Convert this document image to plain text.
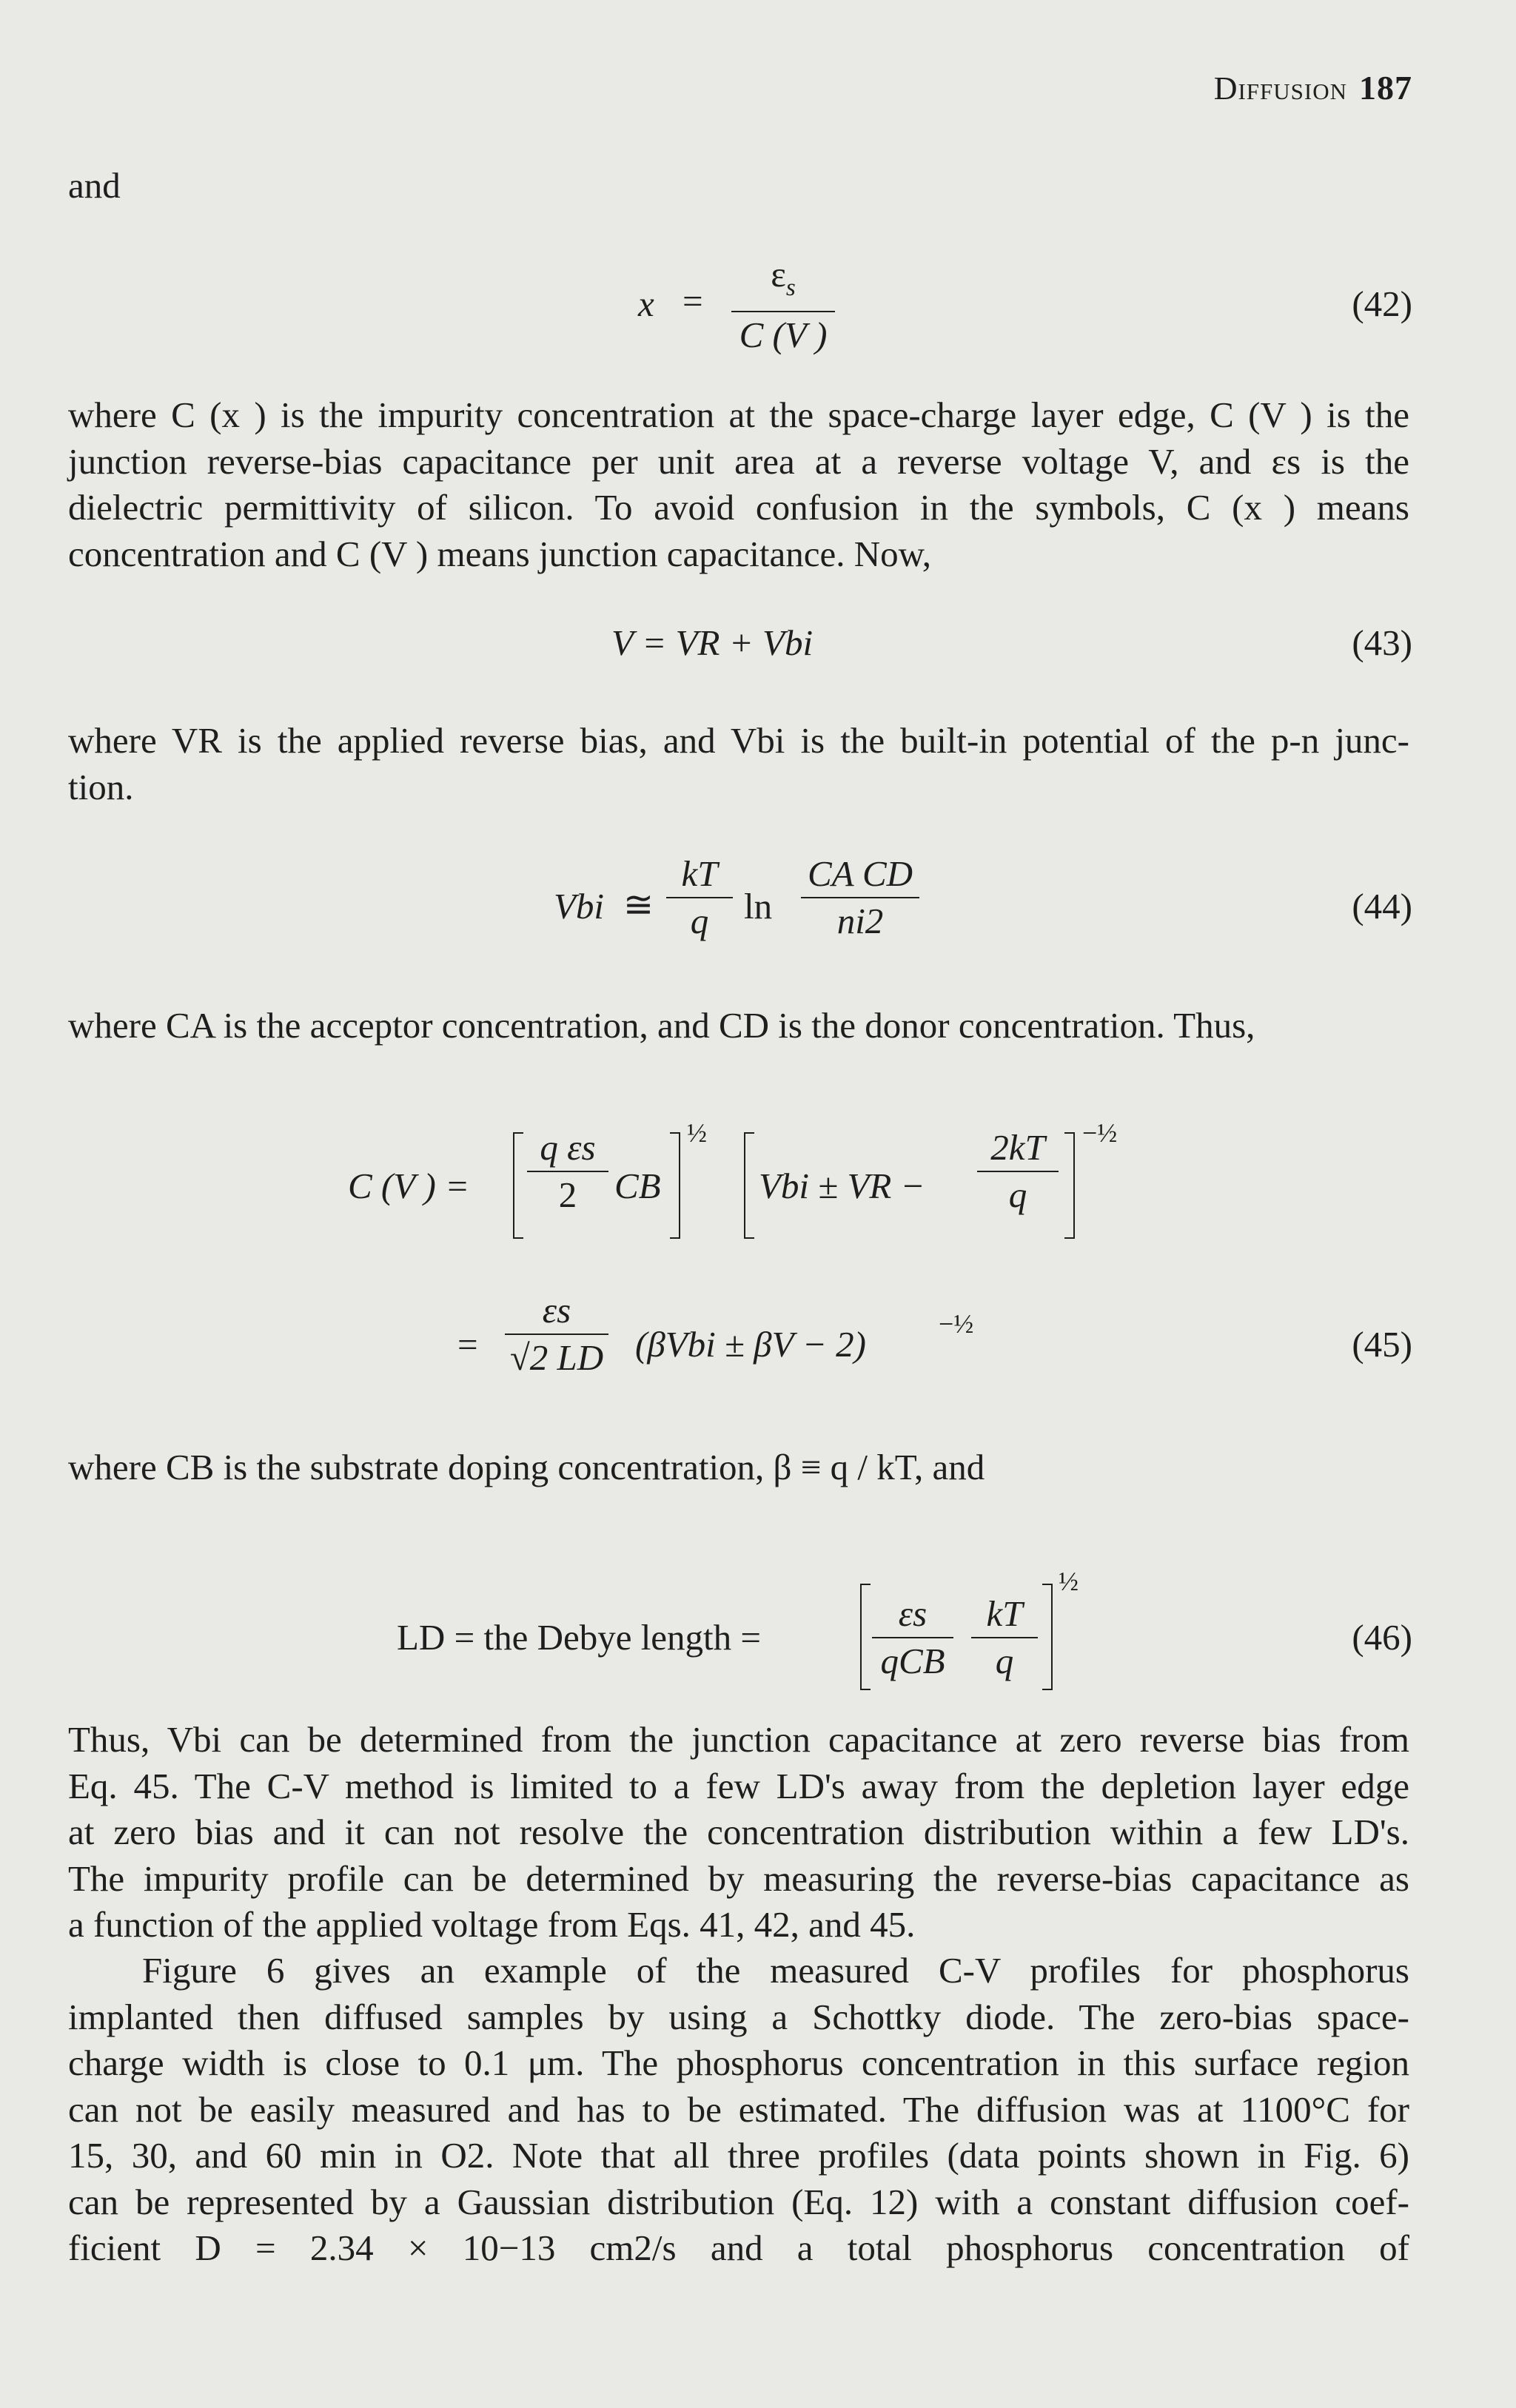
Diffusion 187
and
x =
$\varepsilon_s$
C (V )
(42)
where C (x ) is the impurity concentration at the space-charge layer edge, C (V ) is the
junction reverse-bias capacitance per unit area at a reverse voltage V, and εs is the
dielectric permittivity of silicon. To avoid confusion in the symbols, C (x ) means
concentration and C (V ) means junction capacitance. Now,
V = VR + Vbi	(43)
where VR is the applied reverse bias, and Vbi is the built-in potential of the p-n junc-
tion.
Vbi ≅
kT
q ln
CA CD
ni2	(44)
where CA is the acceptor concentration, and CD is the donor concentration. Thus,
C (V ) =
q εs
2	CB
½
Vbi ± VR −
2kT
q
−½
=
εs
√2 LD (βVbi ± βV − 2)	−½	(45)
where CB is the substrate doping concentration, β ≡ q / kT, and
LD = the Debye length =
εs
qCB
kT
q
½
(46)
Thus, Vbi can be determined from the junction capacitance at zero reverse bias from
Eq. 45. The C-V method is limited to a few LD's away from the depletion layer edge
at zero bias and it can not resolve the concentration distribution within a few LD's.
The impurity profile can be determined by measuring the reverse-bias capacitance as
a function of the applied voltage from Eqs. 41, 42, and 45.
Figure 6 gives an example of the measured C-V profiles for phosphorus
implanted then diffused samples by using a Schottky diode. The zero-bias space-
charge width is close to 0.1 μm. The phosphorus concentration in this surface region
can not be easily measured and has to be estimated. The diffusion was at 1100°C for
15, 30, and 60 min in O2. Note that all three profiles (data points shown in Fig. 6)
can be represented by a Gaussian distribution (Eq. 12) with a constant diffusion coef-
ficient D = 2.34 × 10−13 cm2/s and a total phosphorus concentration of
